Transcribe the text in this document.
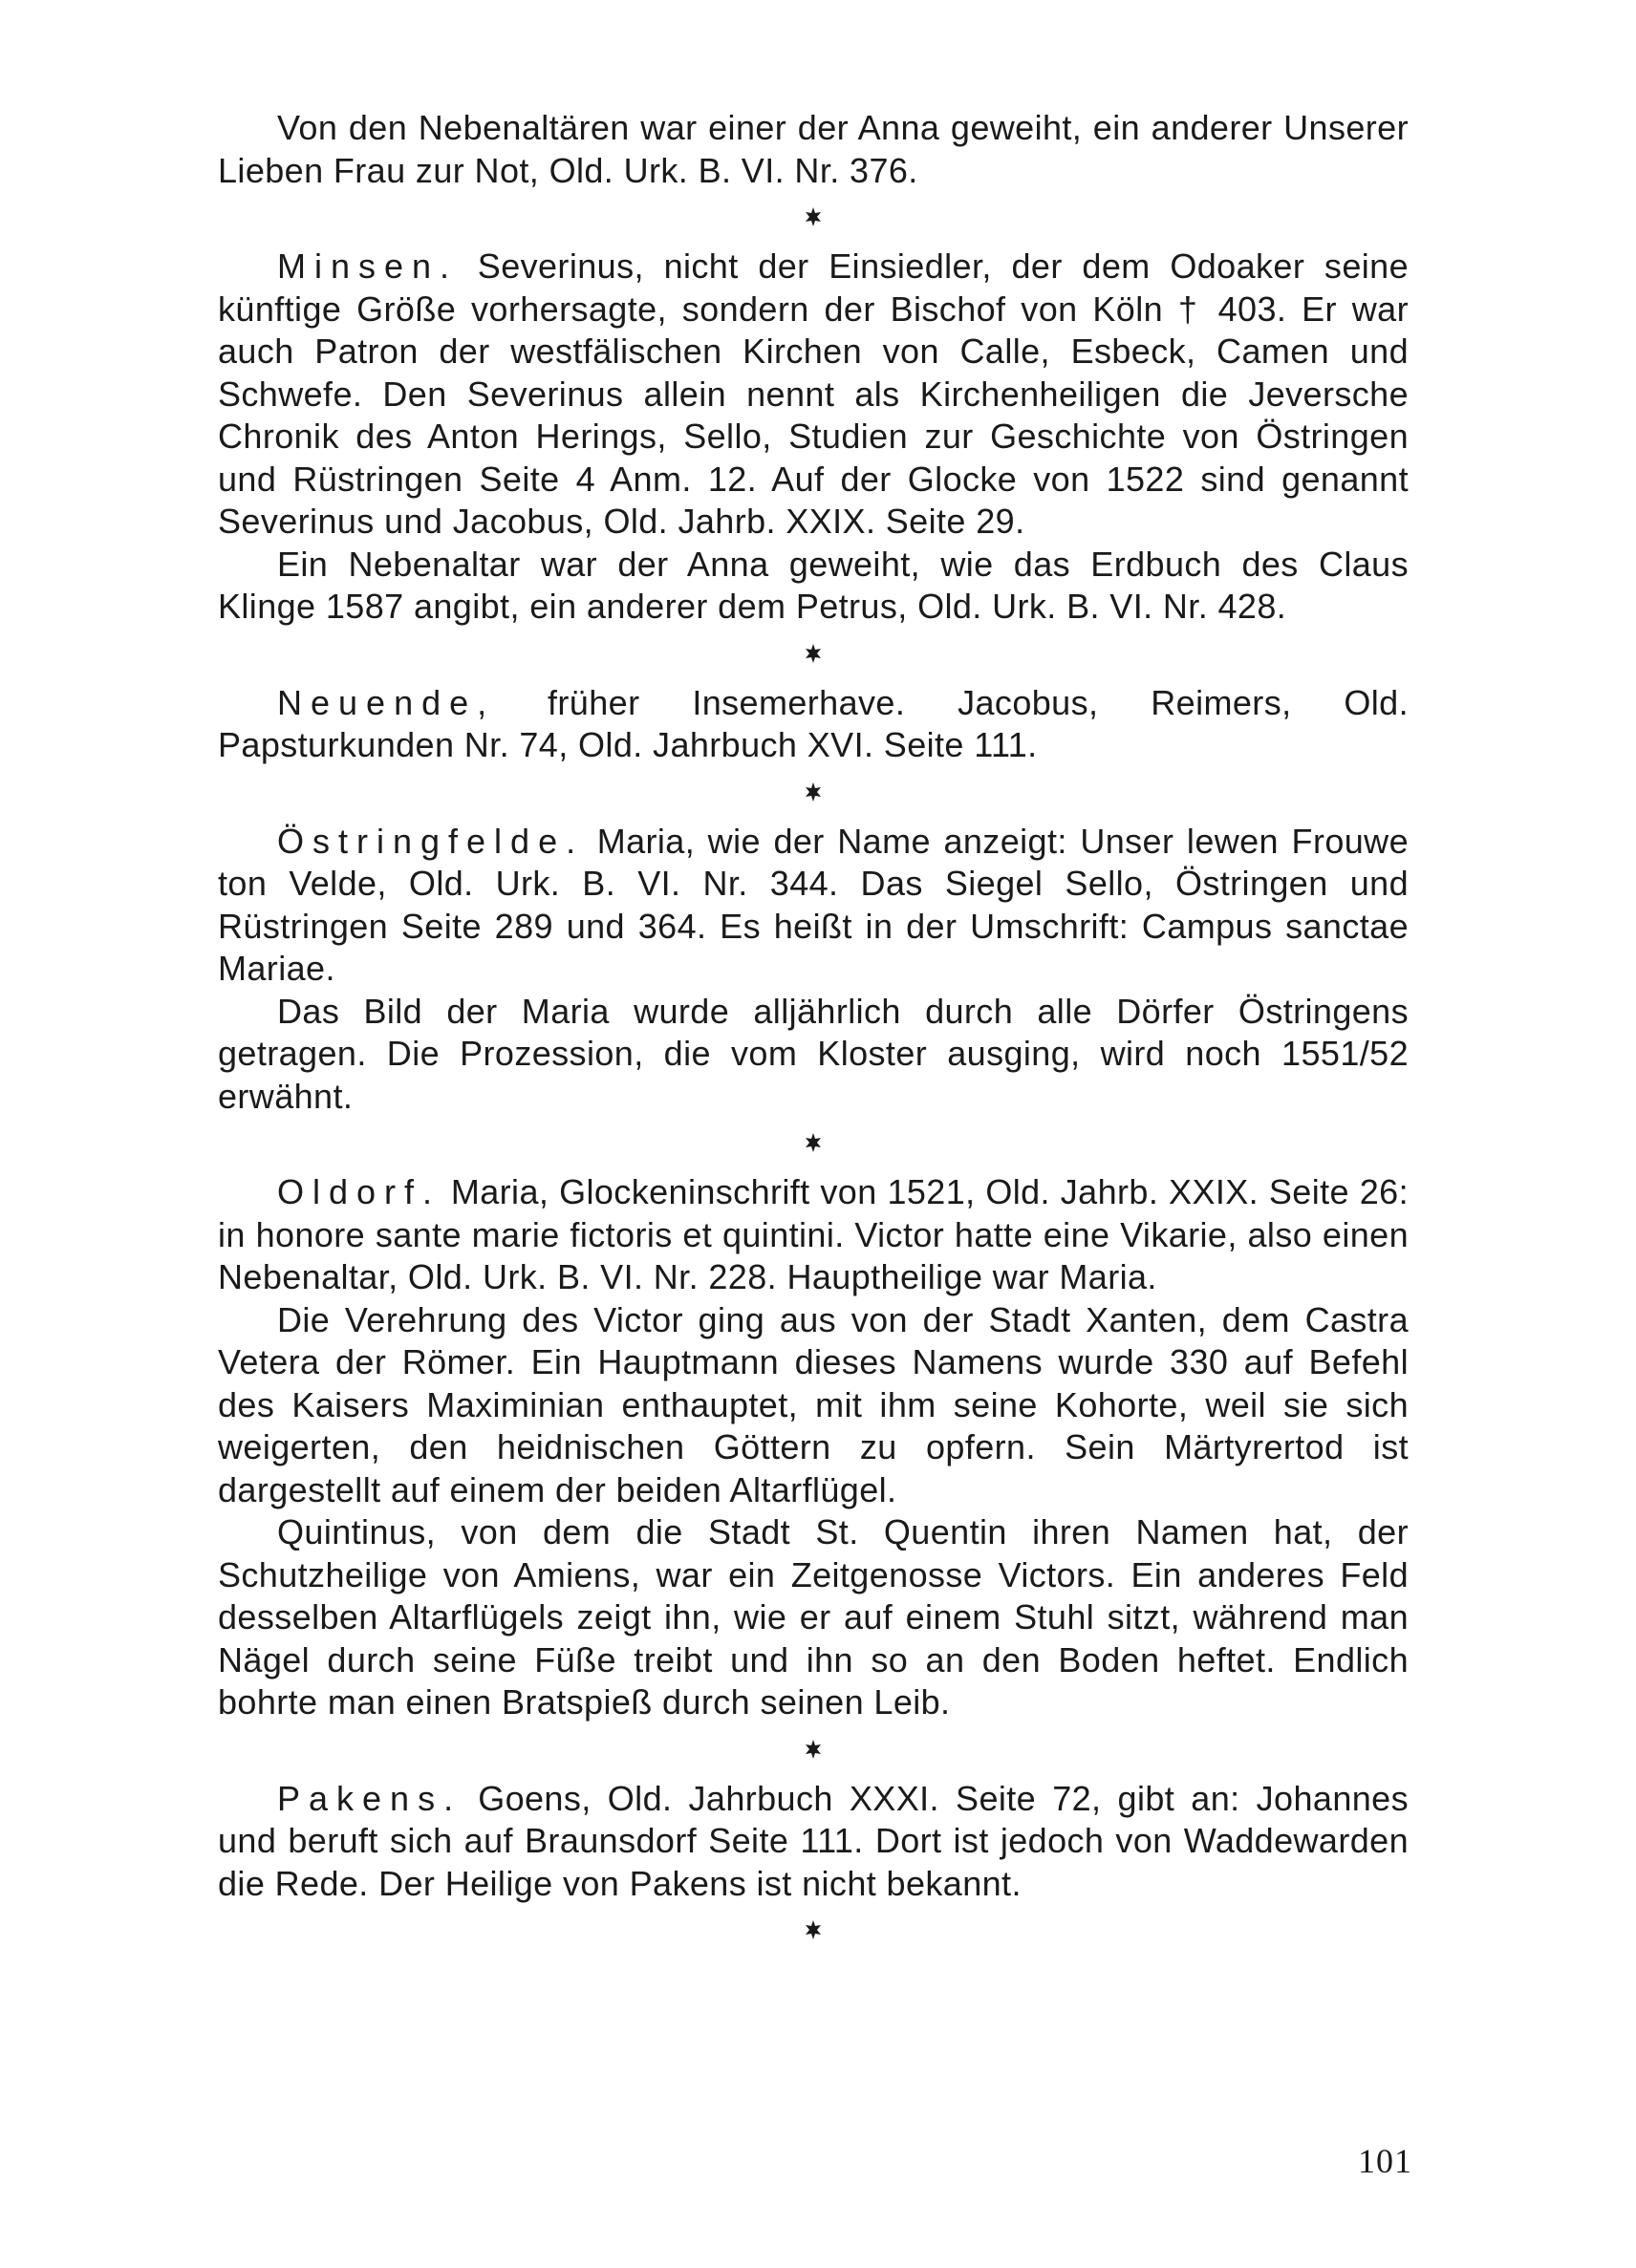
Von den Nebenaltären war einer der Anna geweiht, ein anderer Unserer Lieben Frau zur Not, Old. Urk. B. VI. Nr. 376.

Minsen. Severinus, nicht der Einsiedler, der dem Odoaker seine künftige Größe vorhersagte, sondern der Bischof von Köln † 403. Er war auch Patron der westfälischen Kirchen von Calle, Esbeck, Camen und Schwefe. Den Severinus allein nennt als Kirchenheiligen die Jeversche Chronik des Anton Herings, Sello, Studien zur Geschichte von Östringen und Rüstringen Seite 4 Anm. 12. Auf der Glocke von 1522 sind genannt Severinus und Jacobus, Old. Jahrb. XXIX. Seite 29.

Ein Nebenaltar war der Anna geweiht, wie das Erdbuch des Claus Klinge 1587 angibt, ein anderer dem Petrus, Old. Urk. B. VI. Nr. 428.

Neuende, früher Insemerhave. Jacobus, Reimers, Old. Papsturkunden Nr. 74, Old. Jahrbuch XVI. Seite 111.

Östringfelde. Maria, wie der Name anzeigt: Unser lewen Frouwe ton Velde, Old. Urk. B. VI. Nr. 344. Das Siegel Sello, Östringen und Rüstringen Seite 289 und 364. Es heißt in der Umschrift: Campus sanctae Mariae.

Das Bild der Maria wurde alljährlich durch alle Dörfer Östringens getragen. Die Prozession, die vom Kloster ausging, wird noch 1551/52 erwähnt.

Oldorf. Maria, Glockeninschrift von 1521, Old. Jahrb. XXIX. Seite 26: in honore sante marie fictoris et quintini. Victor hatte eine Vikarie, also einen Nebenaltar, Old. Urk. B. VI. Nr. 228. Hauptheilige war Maria.

Die Verehrung des Victor ging aus von der Stadt Xanten, dem Castra Vetera der Römer. Ein Hauptmann dieses Namens wurde 330 auf Befehl des Kaisers Maximinian enthauptet, mit ihm seine Kohorte, weil sie sich weigerten, den heidnischen Göttern zu opfern. Sein Märtyrertod ist dargestellt auf einem der beiden Altarflügel.

Quintinus, von dem die Stadt St. Quentin ihren Namen hat, der Schutzheilige von Amiens, war ein Zeitgenosse Victors. Ein anderes Feld desselben Altarflügels zeigt ihn, wie er auf einem Stuhl sitzt, während man Nägel durch seine Füße treibt und ihn so an den Boden heftet. Endlich bohrte man einen Bratspieß durch seinen Leib.

Pakens. Goens, Old. Jahrbuch XXXI. Seite 72, gibt an: Johannes und beruft sich auf Braunsdorf Seite 111. Dort ist jedoch von Waddewarden die Rede. Der Heilige von Pakens ist nicht bekannt.

101
